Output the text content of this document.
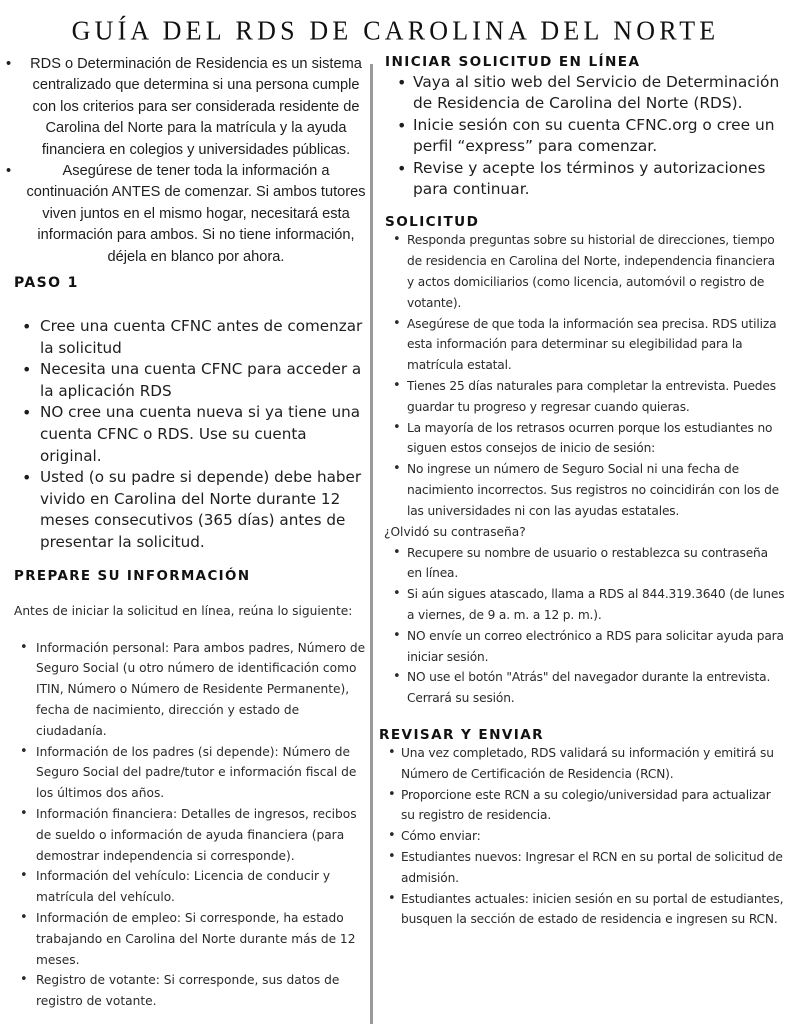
GUÍA DEL RDS DE CAROLINA DEL NORTE
• RDS o Determinación de Residencia es un sistema centralizado que determina si una persona cumple con los criterios para ser considerada residente de Carolina del Norte para la matrícula y la ayuda financiera en colegios y universidades públicas.
• Asegúrese de tener toda la información a continuación ANTES de comenzar. Si ambos tutores viven juntos en el mismo hogar, necesitará esta información para ambos. Si no tiene información, déjela en blanco por ahora.
PASO 1
• Cree una cuenta CFNC antes de comenzar la solicitud
• Necesita una cuenta CFNC para acceder a la aplicación RDS
• NO cree una cuenta nueva si ya tiene una cuenta CFNC o RDS. Use su cuenta original.
• Usted (o su padre si depende) debe haber vivido en Carolina del Norte durante 12 meses consecutivos (365 días) antes de presentar la solicitud.
PREPARE SU INFORMACIÓN

Antes de iniciar la solicitud en línea, reúna lo siguiente:

• Información personal: Para ambos padres, Número de Seguro Social (u otro número de identificación como ITIN, Número o Número de Residente Permanente), fecha de nacimiento, dirección y estado de ciudadanía.
• Información de los padres (si depende): Número de Seguro Social del padre/tutor e información fiscal de los últimos dos años.
• Información financiera: Detalles de ingresos, recibos de sueldo o información de ayuda financiera (para demostrar independencia si corresponde).
• Información del vehículo: Licencia de conducir y matrícula del vehículo.
• Información de empleo: Si corresponde, ha estado trabajando en Carolina del Norte durante más de 12 meses.
• Registro de votante: Si corresponde, sus datos de registro de votante.
INICIAR SOLICITUD EN LÍNEA
• Vaya al sitio web del Servicio de Determinación de Residencia de Carolina del Norte (RDS).
• Inicie sesión con su cuenta CFNC.org o cree un perfil “express” para comenzar.
• Revise y acepte los términos y autorizaciones para continuar.
SOLICITUD
• Responda preguntas sobre su historial de direcciones, tiempo de residencia en Carolina del Norte, independencia financiera y actos domiciliarios (como licencia, automóvil o registro de votante).
• Asegúrese de que toda la información sea precisa. RDS utiliza esta información para determinar su elegibilidad para la matrícula estatal.
• Tienes 25 días naturales para completar la entrevista. Puedes guardar tu progreso y regresar cuando quieras.
• La mayoría de los retrasos ocurren porque los estudiantes no siguen estos consejos de inicio de sesión:
• No ingrese un número de Seguro Social ni una fecha de nacimiento incorrectos. Sus registros no coincidirán con los de las universidades ni con las ayudas estatales.

¿Olvidó su contraseña?

• Recupere su nombre de usuario o restablezca su contraseña en línea.
• Si aún sigues atascado, llama a RDS al 844.319.3640 (de lunes a viernes, de 9 a. m. a 12 p. m.).
• NO envíe un correo electrónico a RDS para solicitar ayuda para iniciar sesión.
• NO use el botón "Atrás" del navegador durante la entrevista. Cerrará su sesión.
REVISAR Y ENVIAR
• Una vez completado, RDS validará su información y emitirá su Número de Certificación de Residencia (RCN).
• Proporcione este RCN a su colegio/universidad para actualizar su registro de residencia.
• Cómo enviar:
• Estudiantes nuevos: Ingresar el RCN en su portal de solicitud de admisión.
• Estudiantes actuales: inicien sesión en su portal de estudiantes, busquen la sección de estado de residencia e ingresen su RCN.
